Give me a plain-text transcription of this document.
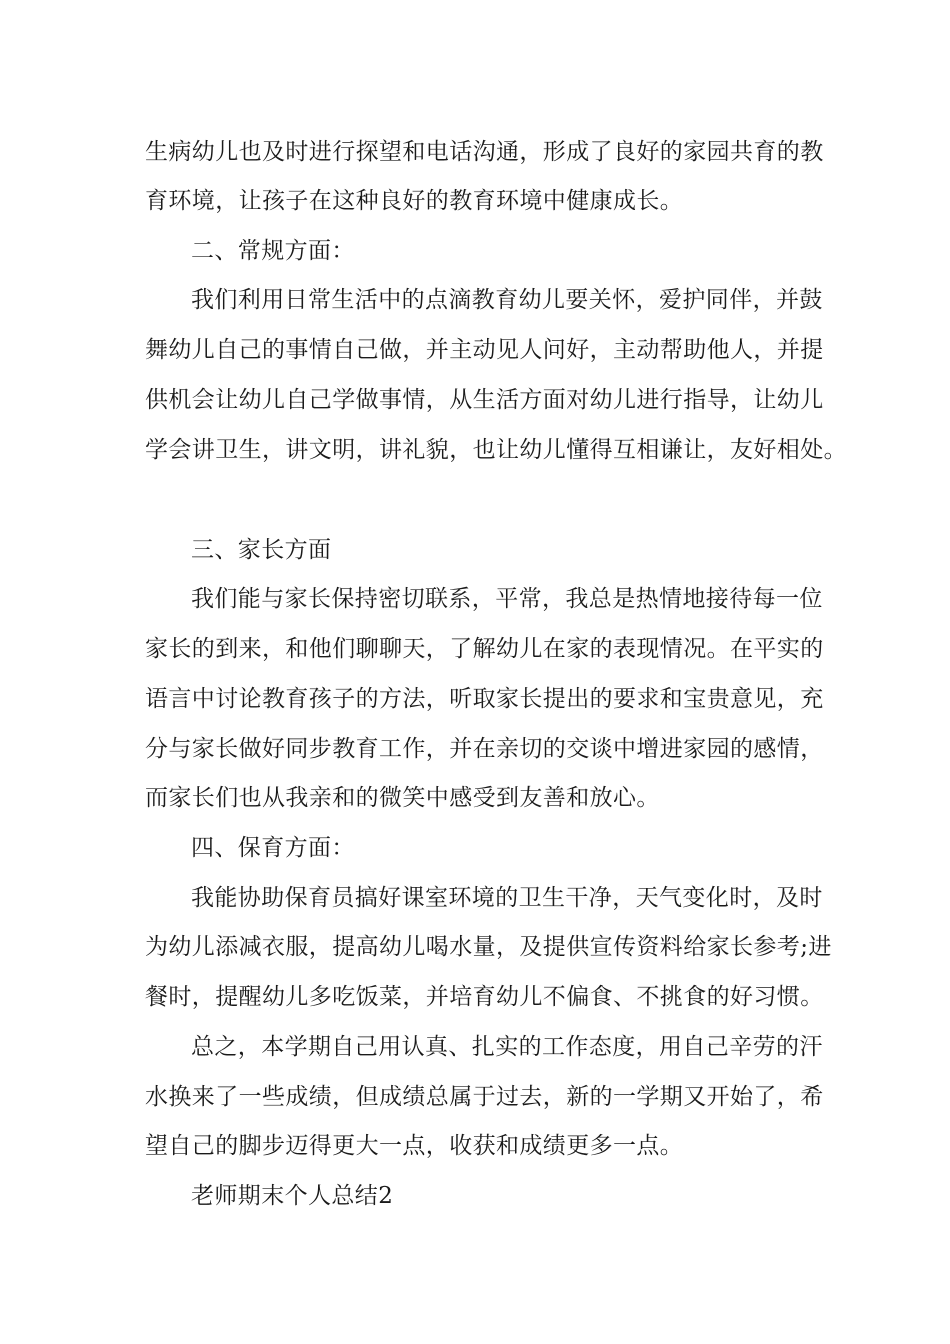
生病幼儿也及时进行探望和电话沟通，形成了良好的家园共育的教
育环境，让孩子在这种良好的教育环境中健康成长。
二、常规方面：
我们利用日常生活中的点滴教育幼儿要关怀，爱护同伴，并鼓
舞幼儿自己的事情自己做，并主动见人问好，主动帮助他人，并提
供机会让幼儿自己学做事情，从生活方面对幼儿进行指导，让幼儿
学会讲卫生，讲文明，讲礼貌，也让幼儿懂得互相谦让，友好相处。
三、家长方面
我们能与家长保持密切联系，平常，我总是热情地接待每一位
家长的到来，和他们聊聊天，了解幼儿在家的表现情况。在平实的
语言中讨论教育孩子的方法，听取家长提出的要求和宝贵意见，充
分与家长做好同步教育工作，并在亲切的交谈中增进家园的感情，
而家长们也从我亲和的微笑中感受到友善和放心。
四、保育方面：
我能协助保育员搞好课室环境的卫生干净，天气变化时，及时
为幼儿添减衣服，提高幼儿喝水量，及提供宣传资料给家长参考;进
餐时，提醒幼儿多吃饭菜，并培育幼儿不偏食、不挑食的好习惯。
总之，本学期自己用认真、扎实的工作态度，用自己辛劳的汗
水换来了一些成绩，但成绩总属于过去，新的一学期又开始了，希
望自己的脚步迈得更大一点，收获和成绩更多一点。
老师期末个人总结2
